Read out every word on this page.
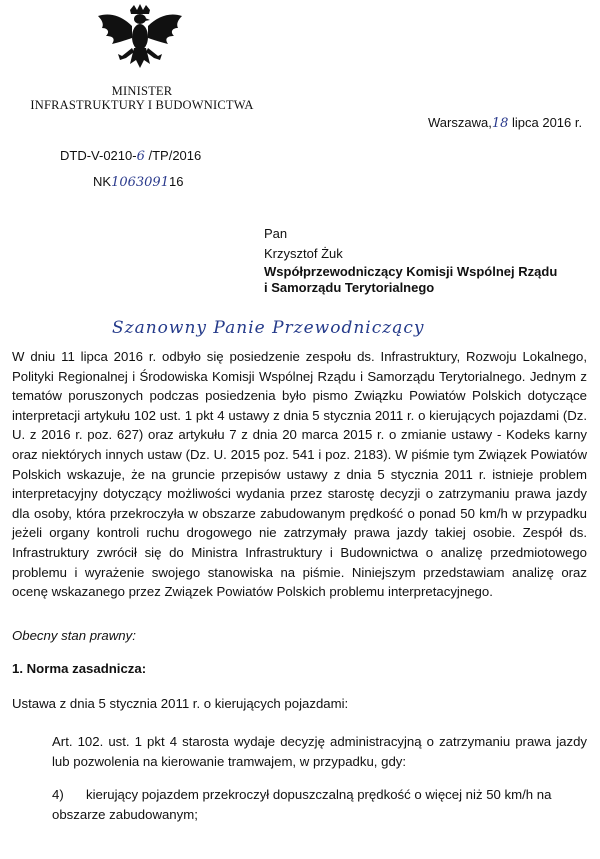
MINISTER
INFRASTRUKTURY I BUDOWNICTWA
Warszawa,18 lipca 2016 r.
DTD-V-0210-6 /TP/2016
NK106309116
Pan
Krzysztof Żuk
Współprzewodniczący Komisji Wspólnej Rządu
i Samorządu Terytorialnego
Szanowny Panie Przewodniczący
W dniu 11 lipca 2016 r. odbyło się posiedzenie zespołu ds. Infrastruktury, Rozwoju Lokalnego, Polityki Regionalnej i Środowiska Komisji Wspólnej Rządu i Samorządu Terytorialnego. Jednym z tematów poruszonych podczas posiedzenia było pismo Związku Powiatów Polskich dotyczące interpretacji artykułu 102 ust. 1 pkt 4 ustawy z dnia 5 stycznia 2011 r. o kierujących pojazdami (Dz. U. z 2016 r. poz. 627) oraz artykułu 7 z dnia 20 marca 2015 r. o zmianie ustawy - Kodeks karny oraz niektórych innych ustaw (Dz. U. 2015 poz. 541 i poz. 2183). W piśmie tym Związek Powiatów Polskich wskazuje, że na gruncie przepisów ustawy z dnia 5 stycznia 2011 r. istnieje problem interpretacyjny dotyczący możliwości wydania przez starostę decyzji o zatrzymaniu prawa jazdy dla osoby, która przekroczyła w obszarze zabudowanym prędkość o ponad 50 km/h w przypadku jeżeli organy kontroli ruchu drogowego nie zatrzymały prawa jazdy takiej osobie. Zespół ds. Infrastruktury zwrócił się do Ministra Infrastruktury i Budownictwa o analizę przedmiotowego problemu i wyrażenie swojego stanowiska na piśmie. Niniejszym przedstawiam analizę oraz ocenę wskazanego przez Związek Powiatów Polskich problemu interpretacyjnego.
Obecny stan prawny:
1. Norma zasadnicza:
Ustawa z dnia 5 stycznia 2011 r. o kierujących pojazdami:
Art. 102. ust. 1 pkt 4 starosta wydaje decyzję administracyjną o zatrzymaniu prawa jazdy lub pozwolenia na kierowanie tramwajem, w przypadku, gdy:
4) kierujący pojazdem przekroczył dopuszczalną prędkość o więcej niż 50 km/h na obszarze zabudowanym;
